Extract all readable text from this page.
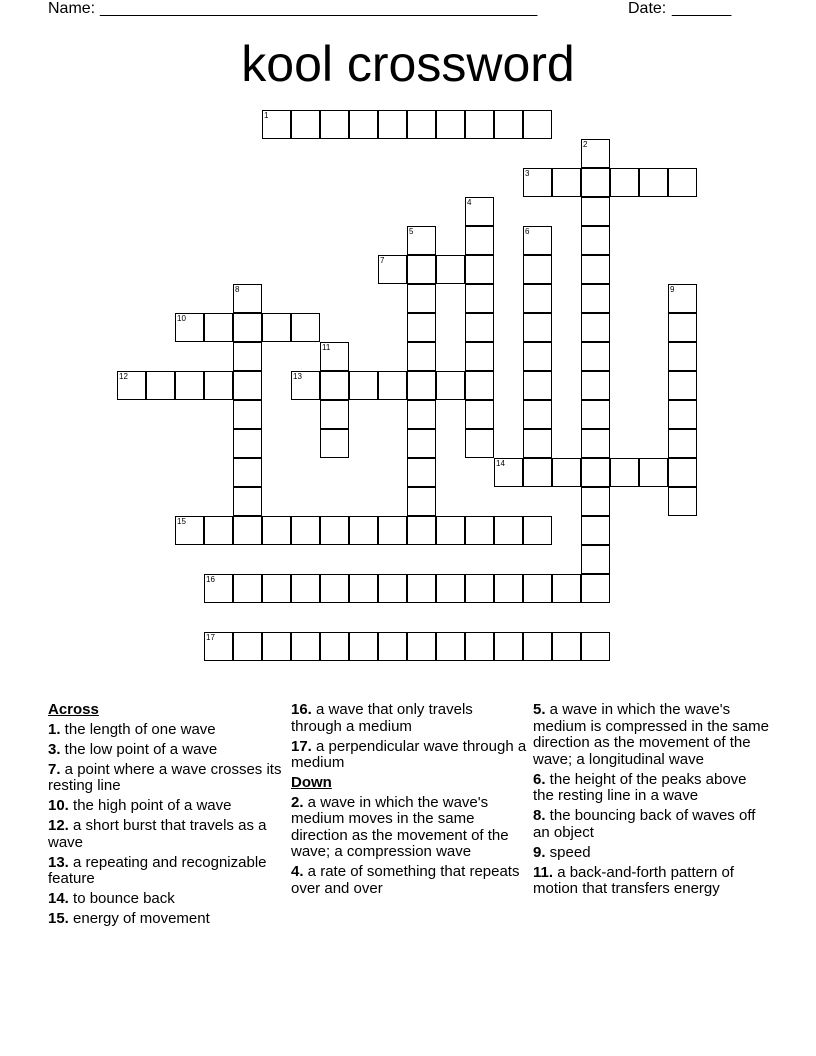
Name: ____________________________________________________	Date: _______
kool crossword
1
2
3
4
5	6
7
8	9
10
11
12	13
14
15
16
17
Across
1. the length of one wave
3. the low point of a wave
7. a point where a wave crosses its resting line
10. the high point of a wave
12. a short burst that travels as a wave
13. a repeating and recognizable feature
14. to bounce back
15. energy of movement
16. a wave that only travels through a medium
17. a perpendicular wave through a medium
Down
2. a wave in which the wave's medium moves in the same direction as the movement of the wave; a compression wave
4. a rate of something that repeats over and over
5. a wave in which the wave's medium is compressed in the same direction as the movement of the wave; a longitudinal wave
6. the height of the peaks above the resting line in a wave
8. the bouncing back of waves off an object
9. speed
11. a back-and-forth pattern of motion that transfers energy
